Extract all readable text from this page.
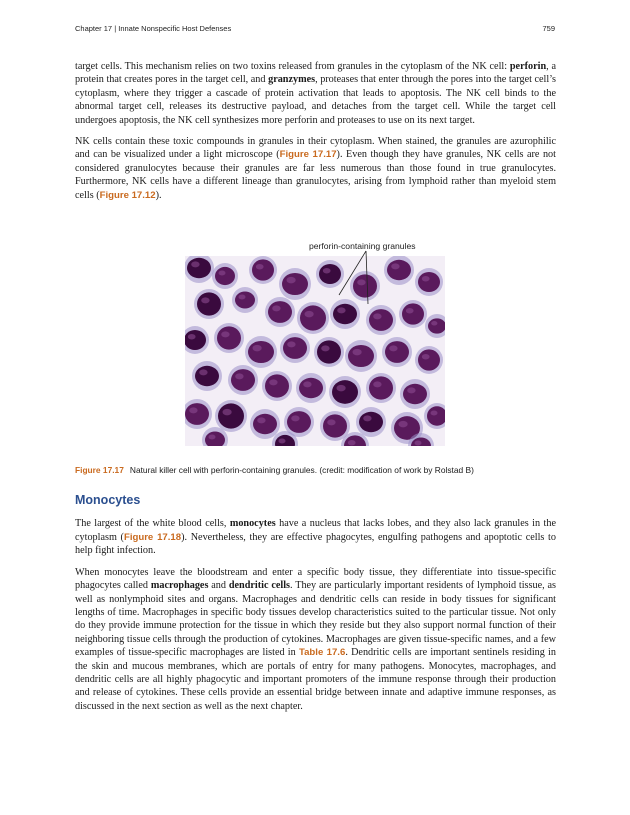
Chapter 17 | Innate Nonspecific Host Defenses	759

target cells. This mechanism relies on two toxins released from granules in the cytoplasm of the NK cell: perforin, a protein that creates pores in the target cell, and granzymes, proteases that enter through the pores into the target cell’s cytoplasm, where they trigger a cascade of protein activation that leads to apoptosis. The NK cell binds to the abnormal target cell, releases its destructive payload, and detaches from the target cell. While the target cell undergoes apoptosis, the NK cell synthesizes more perforin and proteases to use on its next target.

NK cells contain these toxic compounds in granules in their cytoplasm. When stained, the granules are azurophilic and can be visualized under a light microscope (Figure 17.17). Even though they have granules, NK cells are not considered granulocytes because their granules are far less numerous than those found in true granulocytes. Furthermore, NK cells have a different lineage than granulocytes, arising from lymphoid rather than myeloid stem cells (Figure 17.12).

perforin-containing granules
Figure 17.17 Natural killer cell with perforin-containing granules. (credit: modification of work by Rolstad B)
Monocytes

The largest of the white blood cells, monocytes have a nucleus that lacks lobes, and they also lack granules in the cytoplasm (Figure 17.18). Nevertheless, they are effective phagocytes, engulfing pathogens and apoptotic cells to help fight infection.

When monocytes leave the bloodstream and enter a specific body tissue, they differentiate into tissue-specific phagocytes called macrophages and dendritic cells. They are particularly important residents of lymphoid tissue, as well as nonlymphoid sites and organs. Macrophages and dendritic cells can reside in body tissues for significant lengths of time. Macrophages in specific body tissues develop characteristics suited to the particular tissue. Not only do they provide immune protection for the tissue in which they reside but they also support normal function of their neighboring tissue cells through the production of cytokines. Macrophages are given tissue-specific names, and a few examples of tissue-specific macrophages are listed in Table 17.6. Dendritic cells are important sentinels residing in the skin and mucous membranes, which are portals of entry for many pathogens. Monocytes, macrophages, and dendritic cells are all highly phagocytic and important promoters of the immune response through their production and release of cytokines. These cells provide an essential bridge between innate and adaptive immune responses, as discussed in the next section as well as the next chapter.
